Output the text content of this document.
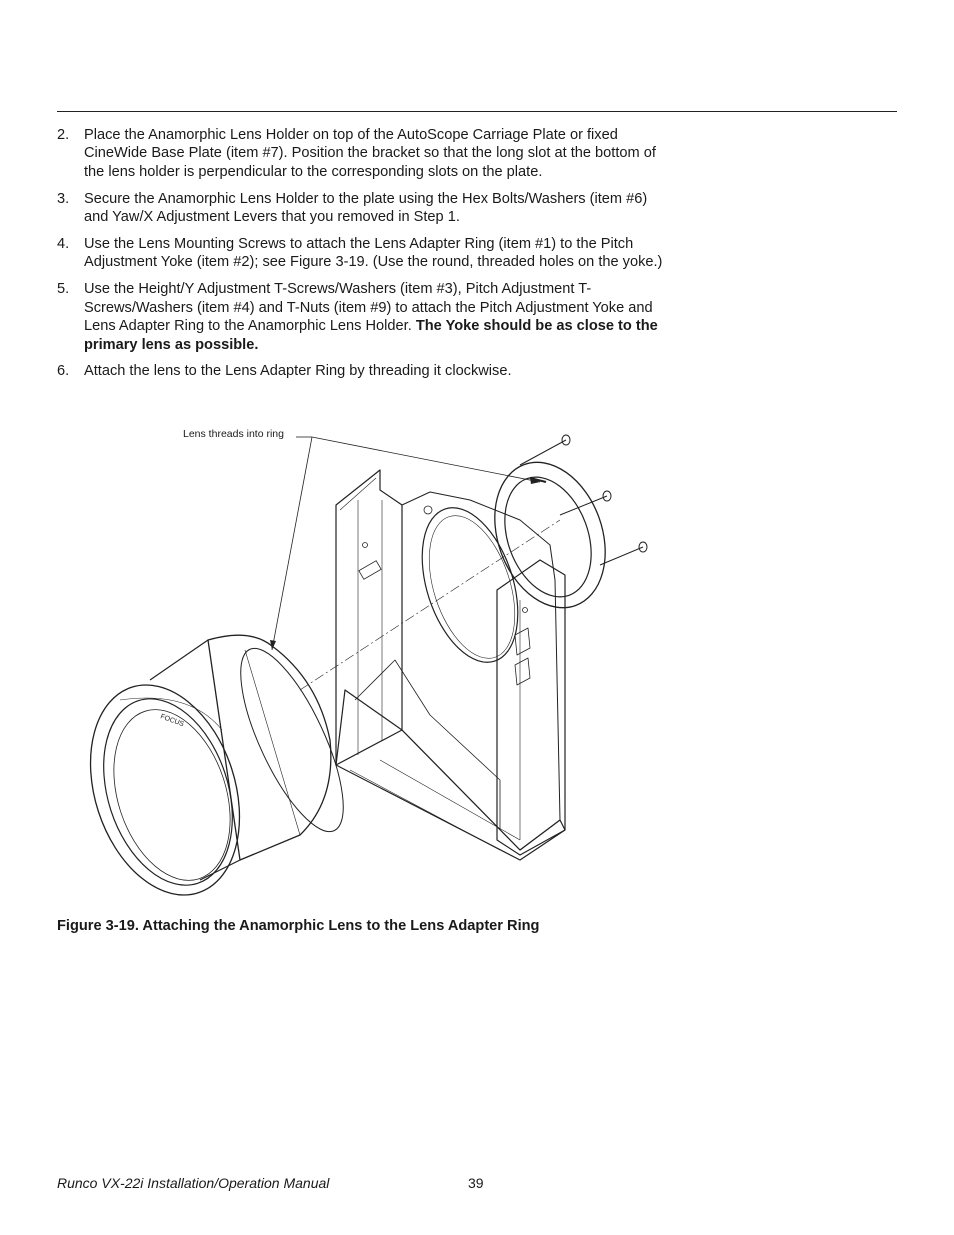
2. Place the Anamorphic Lens Holder on top of the AutoScope Carriage Plate or fixed CineWide Base Plate (item #7). Position the bracket so that the long slot at the bottom of the lens holder is perpendicular to the corresponding slots on the plate.
3. Secure the Anamorphic Lens Holder to the plate using the Hex Bolts/Washers (item #6) and Yaw/X Adjustment Levers that you removed in Step 1.
4. Use the Lens Mounting Screws to attach the Lens Adapter Ring (item #1) to the Pitch Adjustment Yoke (item #2); see Figure 3-19. (Use the round, threaded holes on the yoke.)
5. Use the Height/Y Adjustment T-Screws/Washers (item #3), Pitch Adjustment T-Screws/Washers (item #4) and T-Nuts (item #9) to attach the Pitch Adjustment Yoke and Lens Adapter Ring to the Anamorphic Lens Holder. The Yoke should be as close to the primary lens as possible.
6. Attach the lens to the Lens Adapter Ring by threading it clockwise.
Lens threads into ring
FOCUS
Figure 3-19. Attaching the Anamorphic Lens to the Lens Adapter Ring
Runco VX-22i Installation/Operation Manual	39
